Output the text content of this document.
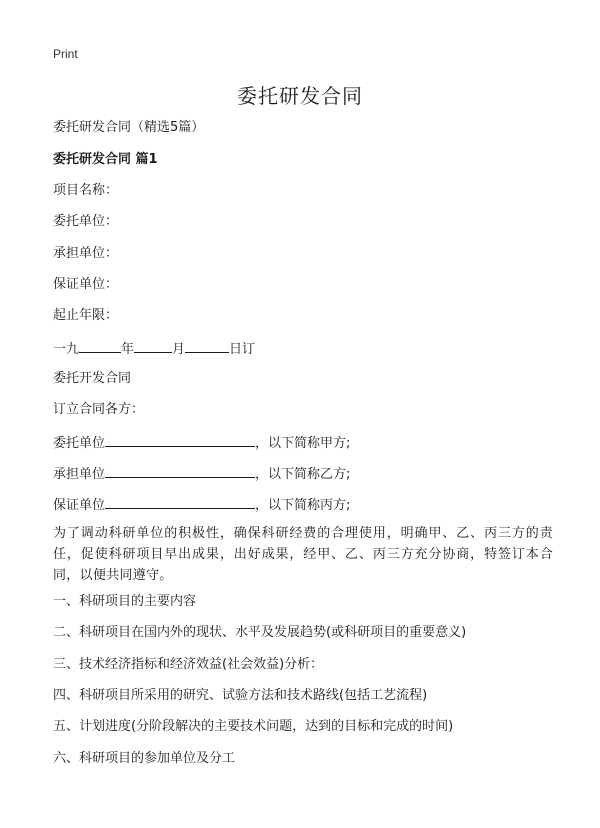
Print
委托研发合同
委托研发合同（精选5篇）
委托研发合同 篇1
项目名称：
委托单位：
承担单位：
保证单位：
起止年限：
一九	年	月	日订
委托开发合同
订立合同各方：
委托单位	，以下简称甲方;
承担单位	，以下简称乙方;
保证单位	，以下简称丙方;
为了调动科研单位的积极性，确保科研经费的合理使用，明确甲、乙、丙三方的责任，促使科研项目早出成果，出好成果，经甲、乙、丙三方充分协商，特签订本合同，以便共同遵守。
一、科研项目的主要内容
二、科研项目在国内外的现状、水平及发展趋势(或科研项目的重要意义)
三、技术经济指标和经济效益(社会效益)分析：
四、科研项目所采用的研究、试验方法和技术路线(包括工艺流程)
五、计划进度(分阶段解决的主要技术问题，达到的目标和完成的时间)
六、科研项目的参加单位及分工
